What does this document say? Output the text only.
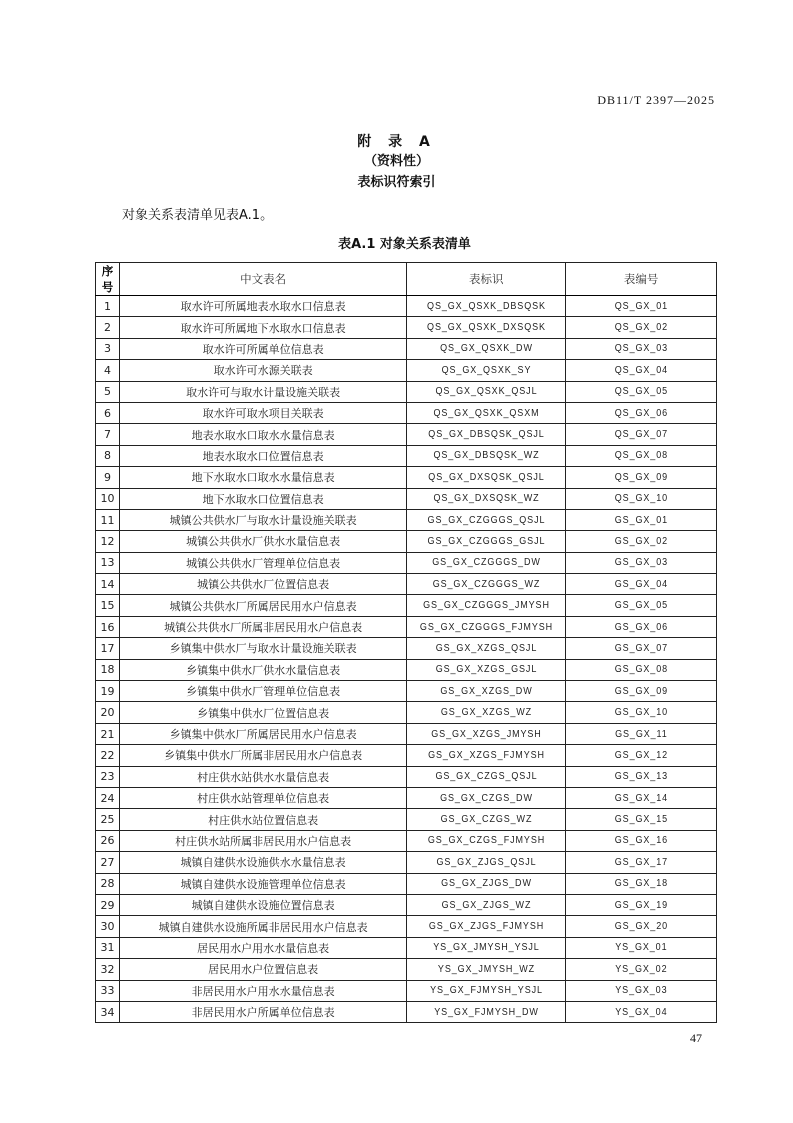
DB11/T 2397—2025
附 录 A
（资料性）
表标识符索引
对象关系表清单见表A.1。
表A.1 对象关系表清单
序号	中文表名	表标识	表编号
1	取水许可所属地表水取水口信息表	QS_GX_QSXK_DBSQSK	QS_GX_01
2	取水许可所属地下水取水口信息表	QS_GX_QSXK_DXSQSK	QS_GX_02
3	取水许可所属单位信息表	QS_GX_QSXK_DW	QS_GX_03
4	取水许可水源关联表	QS_GX_QSXK_SY	QS_GX_04
5	取水许可与取水计量设施关联表	QS_GX_QSXK_QSJL	QS_GX_05
6	取水许可取水项目关联表	QS_GX_QSXK_QSXM	QS_GX_06
7	地表水取水口取水水量信息表	QS_GX_DBSQSK_QSJL	QS_GX_07
8	地表水取水口位置信息表	QS_GX_DBSQSK_WZ	QS_GX_08
9	地下水取水口取水水量信息表	QS_GX_DXSQSK_QSJL	QS_GX_09
10	地下水取水口位置信息表	QS_GX_DXSQSK_WZ	QS_GX_10
11	城镇公共供水厂与取水计量设施关联表	GS_GX_CZGGGS_QSJL	GS_GX_01
12	城镇公共供水厂供水水量信息表	GS_GX_CZGGGS_GSJL	GS_GX_02
13	城镇公共供水厂管理单位信息表	GS_GX_CZGGGS_DW	GS_GX_03
14	城镇公共供水厂位置信息表	GS_GX_CZGGGS_WZ	GS_GX_04
15	城镇公共供水厂所属居民用水户信息表	GS_GX_CZGGGS_JMYSH	GS_GX_05
16	城镇公共供水厂所属非居民用水户信息表	GS_GX_CZGGGS_FJMYSH	GS_GX_06
17	乡镇集中供水厂与取水计量设施关联表	GS_GX_XZGS_QSJL	GS_GX_07
18	乡镇集中供水厂供水水量信息表	GS_GX_XZGS_GSJL	GS_GX_08
19	乡镇集中供水厂管理单位信息表	GS_GX_XZGS_DW	GS_GX_09
20	乡镇集中供水厂位置信息表	GS_GX_XZGS_WZ	GS_GX_10
21	乡镇集中供水厂所属居民用水户信息表	GS_GX_XZGS_JMYSH	GS_GX_11
22	乡镇集中供水厂所属非居民用水户信息表	GS_GX_XZGS_FJMYSH	GS_GX_12
23	村庄供水站供水水量信息表	GS_GX_CZGS_QSJL	GS_GX_13
24	村庄供水站管理单位信息表	GS_GX_CZGS_DW	GS_GX_14
25	村庄供水站位置信息表	GS_GX_CZGS_WZ	GS_GX_15
26	村庄供水站所属非居民用水户信息表	GS_GX_CZGS_FJMYSH	GS_GX_16
27	城镇自建供水设施供水水量信息表	GS_GX_ZJGS_QSJL	GS_GX_17
28	城镇自建供水设施管理单位信息表	GS_GX_ZJGS_DW	GS_GX_18
29	城镇自建供水设施位置信息表	GS_GX_ZJGS_WZ	GS_GX_19
30	城镇自建供水设施所属非居民用水户信息表	GS_GX_ZJGS_FJMYSH	GS_GX_20
31	居民用水户用水水量信息表	YS_GX_JMYSH_YSJL	YS_GX_01
32	居民用水户位置信息表	YS_GX_JMYSH_WZ	YS_GX_02
33	非居民用水户用水水量信息表	YS_GX_FJMYSH_YSJL	YS_GX_03
34	非居民用水户所属单位信息表	YS_GX_FJMYSH_DW	YS_GX_04
47
